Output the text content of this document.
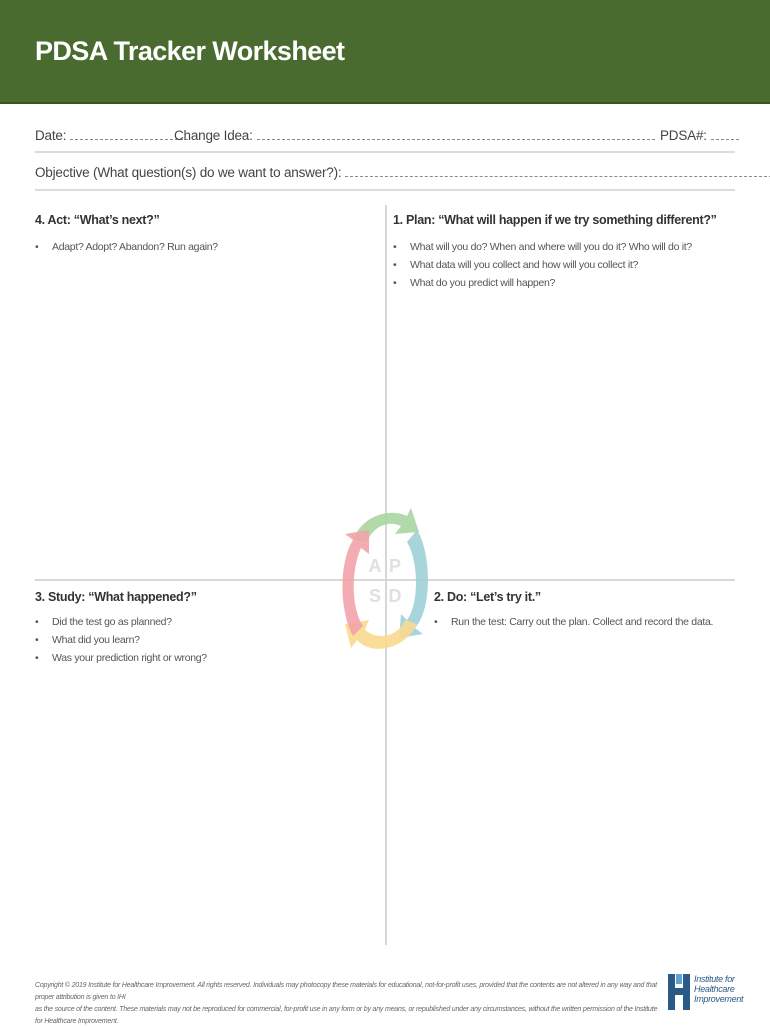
PDSA Tracker Worksheet
Date:	Change Idea:	PDSA#:
Objective (What question(s) do we want to answer?):
4. Act: “What’s next?”
• Adapt? Adopt? Abandon? Run again?
1. Plan: “What will happen if we try something different?”
• What will you do? When and where will you do it? Who will do it?
• What data will you collect and how will you collect it?
• What do you predict will happen?
3. Study: “What happened?”
• Did the test go as planned?
• What did you learn?
• Was your prediction right or wrong?
2. Do: “Let’s try it.”
• Run the test: Carry out the plan. Collect and record the data.
A P
S D
Copyright © 2019 Institute for Healthcare Improvement. All rights reserved. Individuals may photocopy these materials for educational, not-for-profit uses, provided that the contents are not altered in any way and that proper attribution is given to IHI
as the source of the content. These materials may not be reproduced for commercial, for-profit use in any form or by any means, or republished under any circumstances, without the written permission of the Institute for Healthcare Improvement.
Institute for
Healthcare
Improvement
